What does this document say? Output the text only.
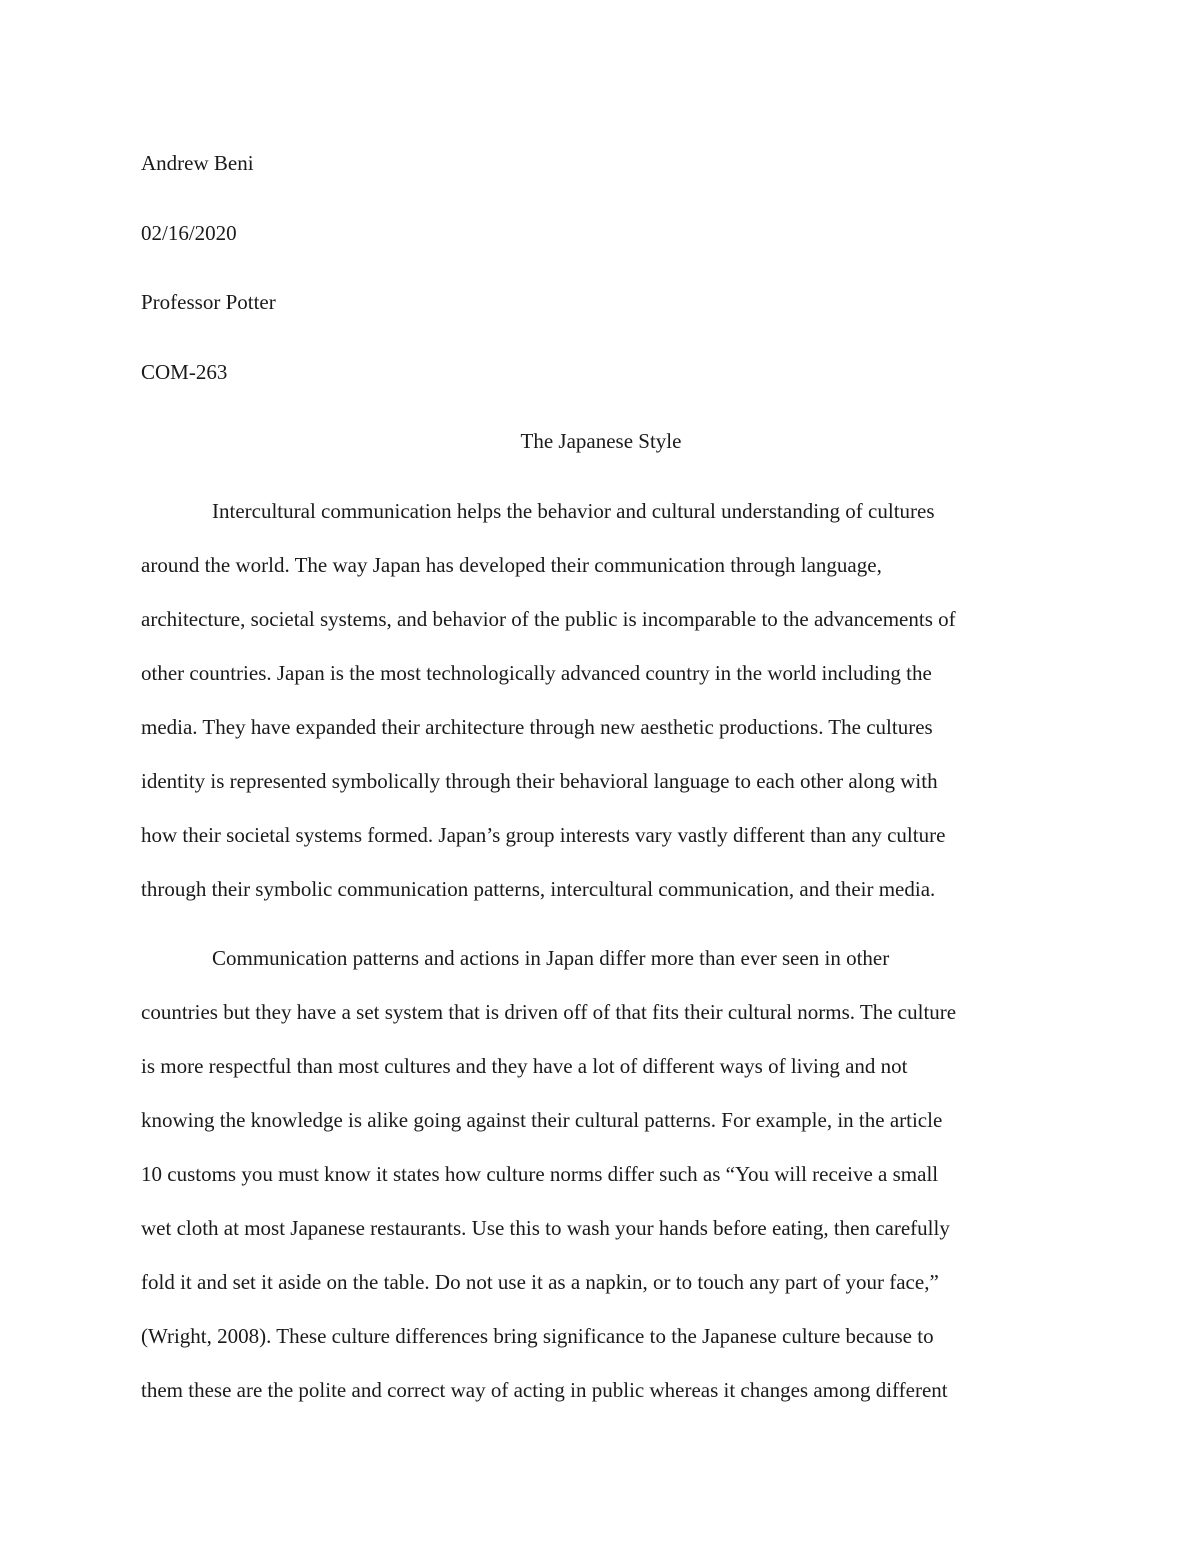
Andrew Beni
02/16/2020
Professor Potter
COM-263
The Japanese Style
Intercultural communication helps the behavior and cultural understanding of cultures
around the world. The way Japan has developed their communication through language,
architecture, societal systems, and behavior of the public is incomparable to the advancements of
other countries. Japan is the most technologically advanced country in the world including the
media. They have expanded their architecture through new aesthetic productions. The cultures
identity is represented symbolically through their behavioral language to each other along with
how their societal systems formed. Japan’s group interests vary vastly different than any culture
through their symbolic communication patterns, intercultural communication, and their media.
Communication patterns and actions in Japan differ more than ever seen in other
countries but they have a set system that is driven off of that fits their cultural norms. The culture
is more respectful than most cultures and they have a lot of different ways of living and not
knowing the knowledge is alike going against their cultural patterns. For example, in the article
10 customs you must know it states how culture norms differ such as “You will receive a small
wet cloth at most Japanese restaurants. Use this to wash your hands before eating, then carefully
fold it and set it aside on the table. Do not use it as a napkin, or to touch any part of your face,”
(Wright, 2008). These culture differences bring significance to the Japanese culture because to
them these are the polite and correct way of acting in public whereas it changes among different
